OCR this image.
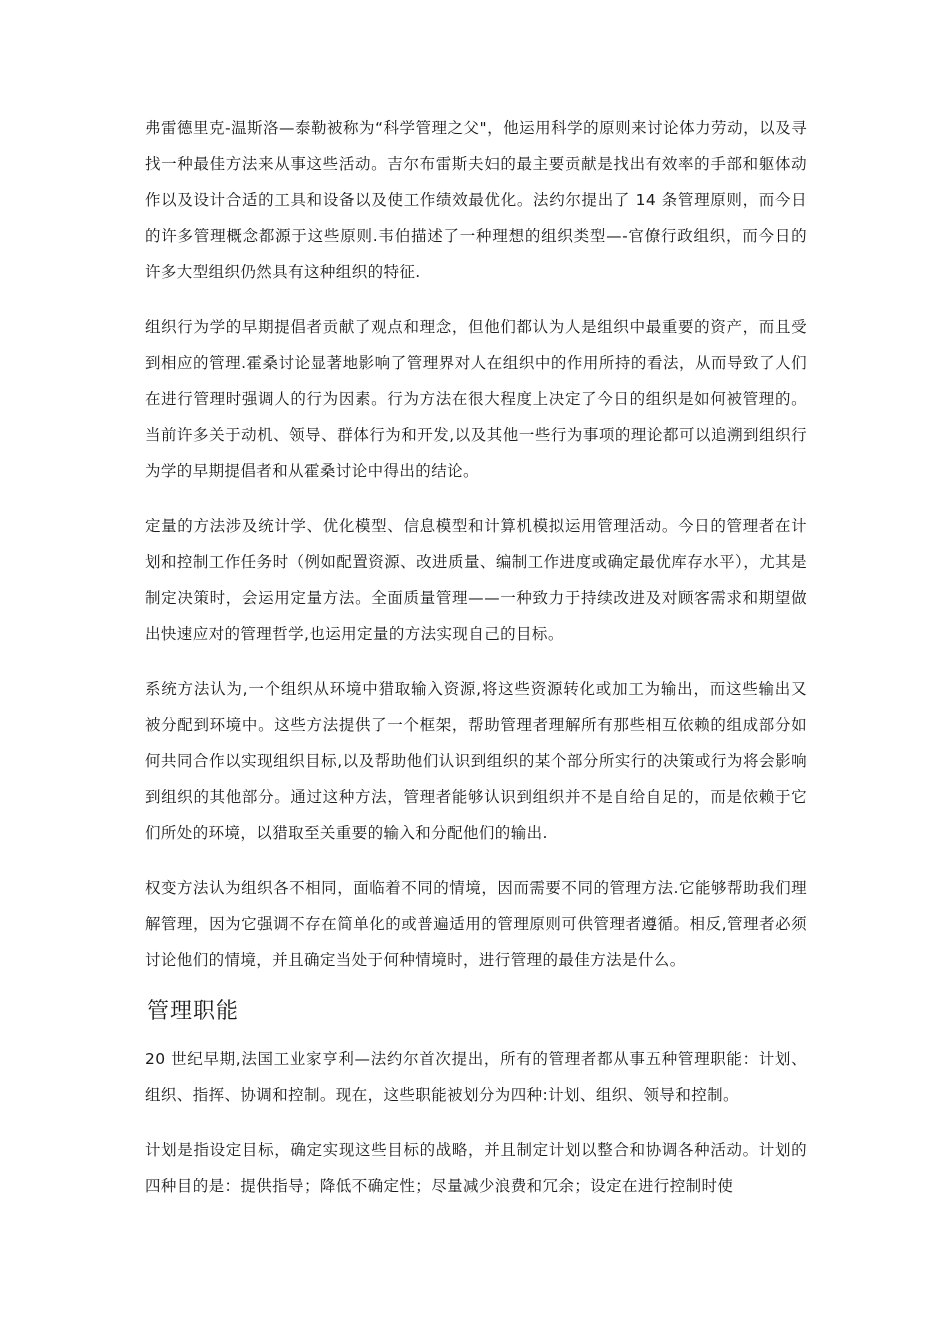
弗雷德里克-温斯洛—泰勒被称为“科学管理之父"，他运用科学的原则来讨论体力劳动，以及寻找一种最佳方法来从事这些活动。吉尔布雷斯夫妇的最主要贡献是找出有效率的手部和躯体动作以及设计合适的工具和设备以及使工作绩效最优化。法约尔提出了 14 条管理原则，而今日的许多管理概念都源于这些原则.韦伯描述了一种理想的组织类型—-官僚行政组织，而今日的许多大型组织仍然具有这种组织的特征.

组织行为学的早期提倡者贡献了观点和理念，但他们都认为人是组织中最重要的资产，而且受到相应的管理.霍桑讨论显著地影响了管理界对人在组织中的作用所持的看法，从而导致了人们在进行管理时强调人的行为因素。行为方法在很大程度上决定了今日的组织是如何被管理的。当前许多关于动机、领导、群体行为和开发,以及其他一些行为事项的理论都可以追溯到组织行为学的早期提倡者和从霍桑讨论中得出的结论。

定量的方法涉及统计学、优化模型、信息模型和计算机模拟运用管理活动。今日的管理者在计划和控制工作任务时（例如配置资源、改进质量、编制工作进度或确定最优库存水平），尤其是制定决策时，会运用定量方法。全面质量管理——一种致力于持续改进及对顾客需求和期望做出快速应对的管理哲学,也运用定量的方法实现自己的目标。

系统方法认为,一个组织从环境中猎取输入资源,将这些资源转化或加工为输出，而这些输出又被分配到环境中。这些方法提供了一个框架，帮助管理者理解所有那些相互依赖的组成部分如何共同合作以实现组织目标,以及帮助他们认识到组织的某个部分所实行的决策或行为将会影响到组织的其他部分。通过这种方法，管理者能够认识到组织并不是自给自足的，而是依赖于它们所处的环境，以猎取至关重要的输入和分配他们的输出.

权变方法认为组织各不相同，面临着不同的情境，因而需要不同的管理方法.它能够帮助我们理解管理，因为它强调不存在简单化的或普遍适用的管理原则可供管理者遵循。相反,管理者必须讨论他们的情境，并且确定当处于何种情境时，进行管理的最佳方法是什么。

管理职能

20 世纪早期,法国工业家亨利—法约尔首次提出，所有的管理者都从事五种管理职能：计划、组织、指挥、协调和控制。现在，这些职能被划分为四种:计划、组织、领导和控制。

计划是指设定目标，确定实现这些目标的战略，并且制定计划以整合和协调各种活动。计划的四种目的是：提供指导；降低不确定性；尽量减少浪费和冗余；设定在进行控制时使
